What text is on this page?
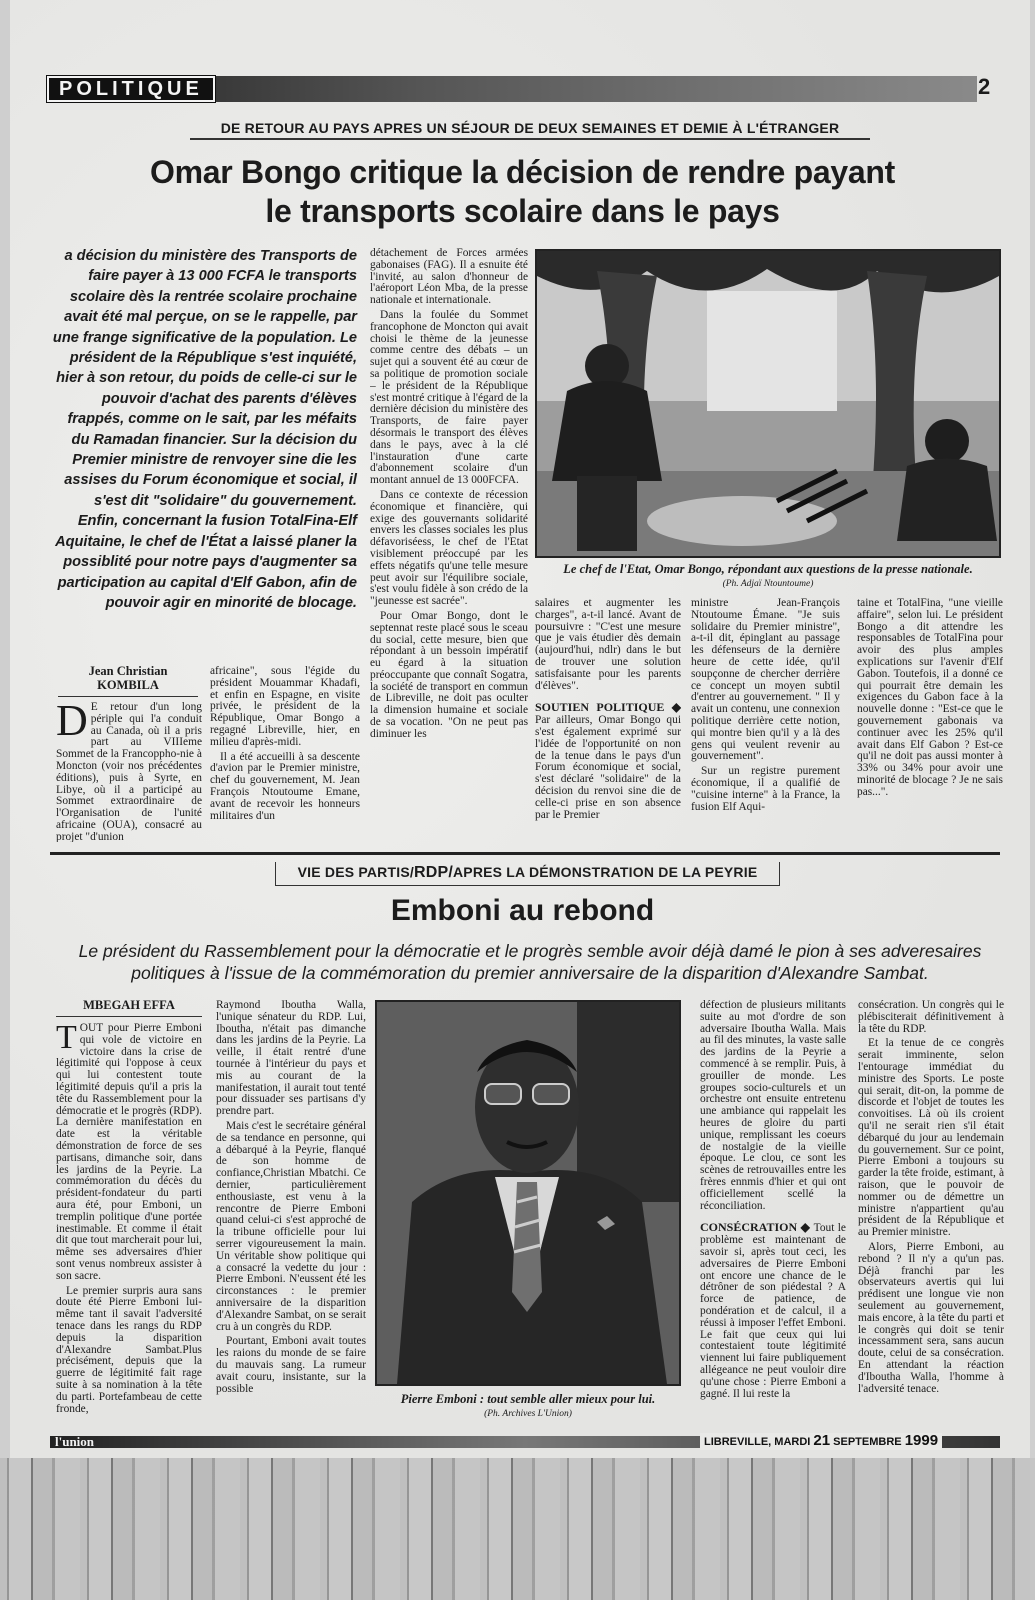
POLITIQUE	2
DE RETOUR AU PAYS APRES UN SÉJOUR DE DEUX SEMAINES ET DEMIE À L'ÉTRANGER
Omar Bongo critique la décision de rendre payant
le transports scolaire dans le pays
a décision du ministère des Transports de faire payer à 13 000 FCFA le transports scolaire dès la rentrée scolaire prochaine avait été mal perçue, on se le rappelle, par une frange significative de la population. Le président de la République s'est inquiété, hier à son retour, du poids de celle-ci sur le pouvoir d'achat des parents d'élèves frappés, comme on le sait, par les méfaits du Ramadan financier. Sur la décision du Premier ministre de renvoyer sine die les assises du Forum économique et social, il s'est dit "solidaire" du gouvernement. Enfin, concernant la fusion TotalFina-Elf Aquitaine, le chef de l'État a laissé planer la possiblité pour notre pays d'augmenter sa participation au capital d'Elf Gabon, afin de pouvoir agir en minorité de blocage.
Jean Christian
KOMBILA
D E retour d'un long périple qui l'a conduit au Canada, où il a pris part au VIIIeme Sommet de la Francoppho-nie à Moncton (voir nos précédentes éditions), puis à Syrte, en Libye, où il a participé au Sommet extraordinaire de l'Organisation de l'unité africaine (OUA), consacré au projet "d'union

africaine", sous l'égide du président Mouammar Khadafi, et enfin en Espagne, en visite privée, le président de la République, Omar Bongo a regagné Libreville, hier, en milieu d'après-midi.

Il a été accueilli à sa descente d'avion par le Premier ministre, chef du gouvernement, M. Jean François Ntoutoume Emane, avant de recevoir les honneurs militaires d'un

détachement de Forces armées gabonaises (FAG). Il a esnuite été l'invité, au salon d'honneur de l'aéroport Léon Mba, de la presse nationale et internationale.

Dans la foulée du Sommet francophone de Moncton qui avait choisi le thème de la jeunesse comme centre des débats – un sujet qui a souvent été au cœur de sa politique de promotion sociale – le président de la République s'est montré critique à l'égard de la dernière décision du ministère des Transports, de faire payer désormais le transport des élèves dans le pays, avec à la clé l'instauration d'une carte d'abonnement scolaire d'un montant annuel de 13 000FCFA.

Dans ce contexte de récession économique et financière, qui exige des gouvernants solidarité envers les classes sociales les plus défavoriséess, le chef de l'Etat visiblement préoccupé par les effets négatifs qu'une telle mesure peut avoir sur l'équilibre sociale, s'est voulu fidèle à son crédo de la "jeunesse est sacrée".

Pour Omar Bongo, dont le septennat reste placé sous le sceau du social, cette mesure, bien que répondant à un bessoin impératif eu égard à la situation préoccupante que connaît Sogatra, la société de transport en commun de Libreville, ne doit pas oculter la dimension humaine et sociale de sa vocation. "On ne peut pas diminuer les

Le chef de l'Etat, Omar Bongo, répondant aux questions de la presse nationale.
(Ph. Adjaï Ntountoume)

salaires et augmenter les charges", a-t-il lancé. Avant de poursuivre : "C'est une mesure que je vais étudier dès demain (aujourd'hui, ndlr) dans le but de trouver une solution satisfaisante pour les parents d'élèves".

SOUTIEN POLITIQUE ◆ Par ailleurs, Omar Bongo qui s'est également exprimé sur l'idée de l'opportunité on non de la tenue dans le pays d'un Forum économique et social, s'est déclaré "solidaire" de la décision du renvoi sine die de celle-ci prise en son absence par le Premier

ministre Jean-François Ntoutoume Émane. "Je suis solidaire du Premier ministre", a-t-il dit, épinglant au passage les défenseurs de la dernière heure de cette idée, qu'il soupçonne de chercher derrière ce concept un moyen subtil d'entrer au gouvernement. " Il y avait un contenu, une connexion politique derrière cette notion, qui montre bien qu'il y a là des gens qui veulent revenir au gouvernement".

Sur un registre purement économique, il a qualifié de "cuisine interne" à la France, la fusion Elf Aqui-

taine et TotalFina, "une vieille affaire", selon lui. Le président Bongo a dit attendre les responsables de TotalFina pour avoir des plus amples explications sur l'avenir d'Elf Gabon. Toutefois, il a donné ce qui pourrait être demain les exigences du Gabon face à la nouvelle donne : "Est-ce que le gouvernement gabonais va continuer avec les 25% qu'il avait dans Elf Gabon ? Est-ce qu'il ne doit pas aussi monter à 33% ou 34% pour avoir une minorité de blocage ? Je ne sais pas...".

VIE DES PARTIS/RDP/APRES LA DÉMONSTRATION DE LA PEYRIE
Emboni au rebond
Le président du Rassemblement pour la démocratie et le progrès semble avoir déjà damé le pion à ses adveresaires
politiques à l'issue de la commémoration du premier anniversaire de la disparition d'Alexandre Sambat.
MBEGAH EFFA
T OUT pour Pierre Emboni qui vole de victoire en victoire dans la crise de légitimité qui l'oppose à ceux qui lui contestent toute légitimité depuis qu'il a pris la tête du Rassemblement pour la démocratie et le progrès (RDP). La dernière manifestation en date est la véritable démonstration de force de ses partisans, dimanche soir, dans les jardins de la Peyrie. La commémoration du décès du président-fondateur du parti aura été, pour Emboni, un tremplin politique d'une portée inestimable. Et comme il était dit que tout marcherait pour lui, même ses adversaires d'hier sont venus nombreux assister à son sacre.

Le premier surpris aura sans doute été Pierre Emboni lui-même tant il savait l'adversité tenace dans les rangs du RDP depuis la disparition d'Alexandre Sambat.Plus précisément, depuis que la guerre de légitimité fait rage suite à sa nomination à la tête du parti. Portefambeau de cette fronde,

Raymond Iboutha Walla, l'unique sénateur du RDP. Lui, Iboutha, n'était pas dimanche dans les jardins de la Peyrie. La veille, il était rentré d'une tournée à l'intérieur du pays et mis au courant de la manifestation, il aurait tout tenté pour dissuader ses partisans d'y prendre part.

Mais c'est le secrétaire général de sa tendance en personne, qui a débarqué à la Peyrie, flanqué de son homme de confiance,Christian Mbatchi. Ce dernier, particulièrement enthousiaste, est venu à la rencontre de Pierre Emboni quand celui-ci s'est approché de la tribune officielle pour lui serrer vigoureusement la main. Un véritable show politique qui a consacré la vedette du jour : Pierre Emboni. N'eussent été les circonstances : le premier anniversaire de la disparition d'Alexandre Sambat, on se serait cru à un congrès du RDP.

Pourtant, Emboni avait toutes les raions du monde de se faire du mauvais sang. La rumeur avait couru, insistante, sur la possible

Pierre Emboni : tout semble aller mieux pour lui.
(Ph. Archives L'Union)

défection de plusieurs militants suite au mot d'ordre de son adversaire Iboutha Walla. Mais au fil des minutes, la vaste salle des jardins de la Peyrie a commencé à se remplir. Puis, à grouiller de monde. Les groupes socio-culturels et un orchestre ont ensuite entretenu une ambiance qui rappelait les heures de gloire du parti unique, remplissant les coeurs de nostalgie de la vieille époque. Le clou, ce sont les scènes de retrouvailles entre les frères ennmis d'hier et qui ont officiellement scellé la réconciliation.

CONSÉCRATION ◆ Tout le problème est maintenant de savoir si, après tout ceci, les adversaires de Pierre Emboni ont encore une chance de le détrôner de son piédestal ? A force de patience, de pondération et de calcul, il a réussi à imposer l'effet Emboni. Le fait que ceux qui lui contestaient toute légitimité viennent lui faire publiquement allégeance ne peut vouloir dire qu'une chose : Pierre Emboni a gagné. Il lui reste la

consécration. Un congrès qui le plébisciterait définitivement à la tête du RDP.

Et la tenue de ce congrès serait imminente, selon l'entourage immédiat du ministre des Sports. Le poste qui serait, dit-on, la pomme de discorde et l'objet de toutes les convoitises. Là où ils croient qu'il ne serait rien s'il était débarqué du jour au lendemain du gouvernement. Sur ce point, Pierre Emboni a toujours su garder la tête froide, estimant, à raison, que le pouvoir de nommer ou de démettre un ministre n'appartient qu'au président de la République et au Premier ministre.

Alors, Pierre Emboni, au rebond ? Il n'y a qu'un pas. Déjà franchi par les observateurs avertis qui lui prédisent une longue vie non seulement au gouvernement, mais encore, à la tête du parti et le congrès qui doit se tenir incessamment sera, sans aucun doute, celui de sa consécration. En attendant la réaction d'Iboutha Walla, l'homme à l'adversité tenace.

l'union	LIBREVILLE, MARDI 21 SEPTEMBRE 1999
